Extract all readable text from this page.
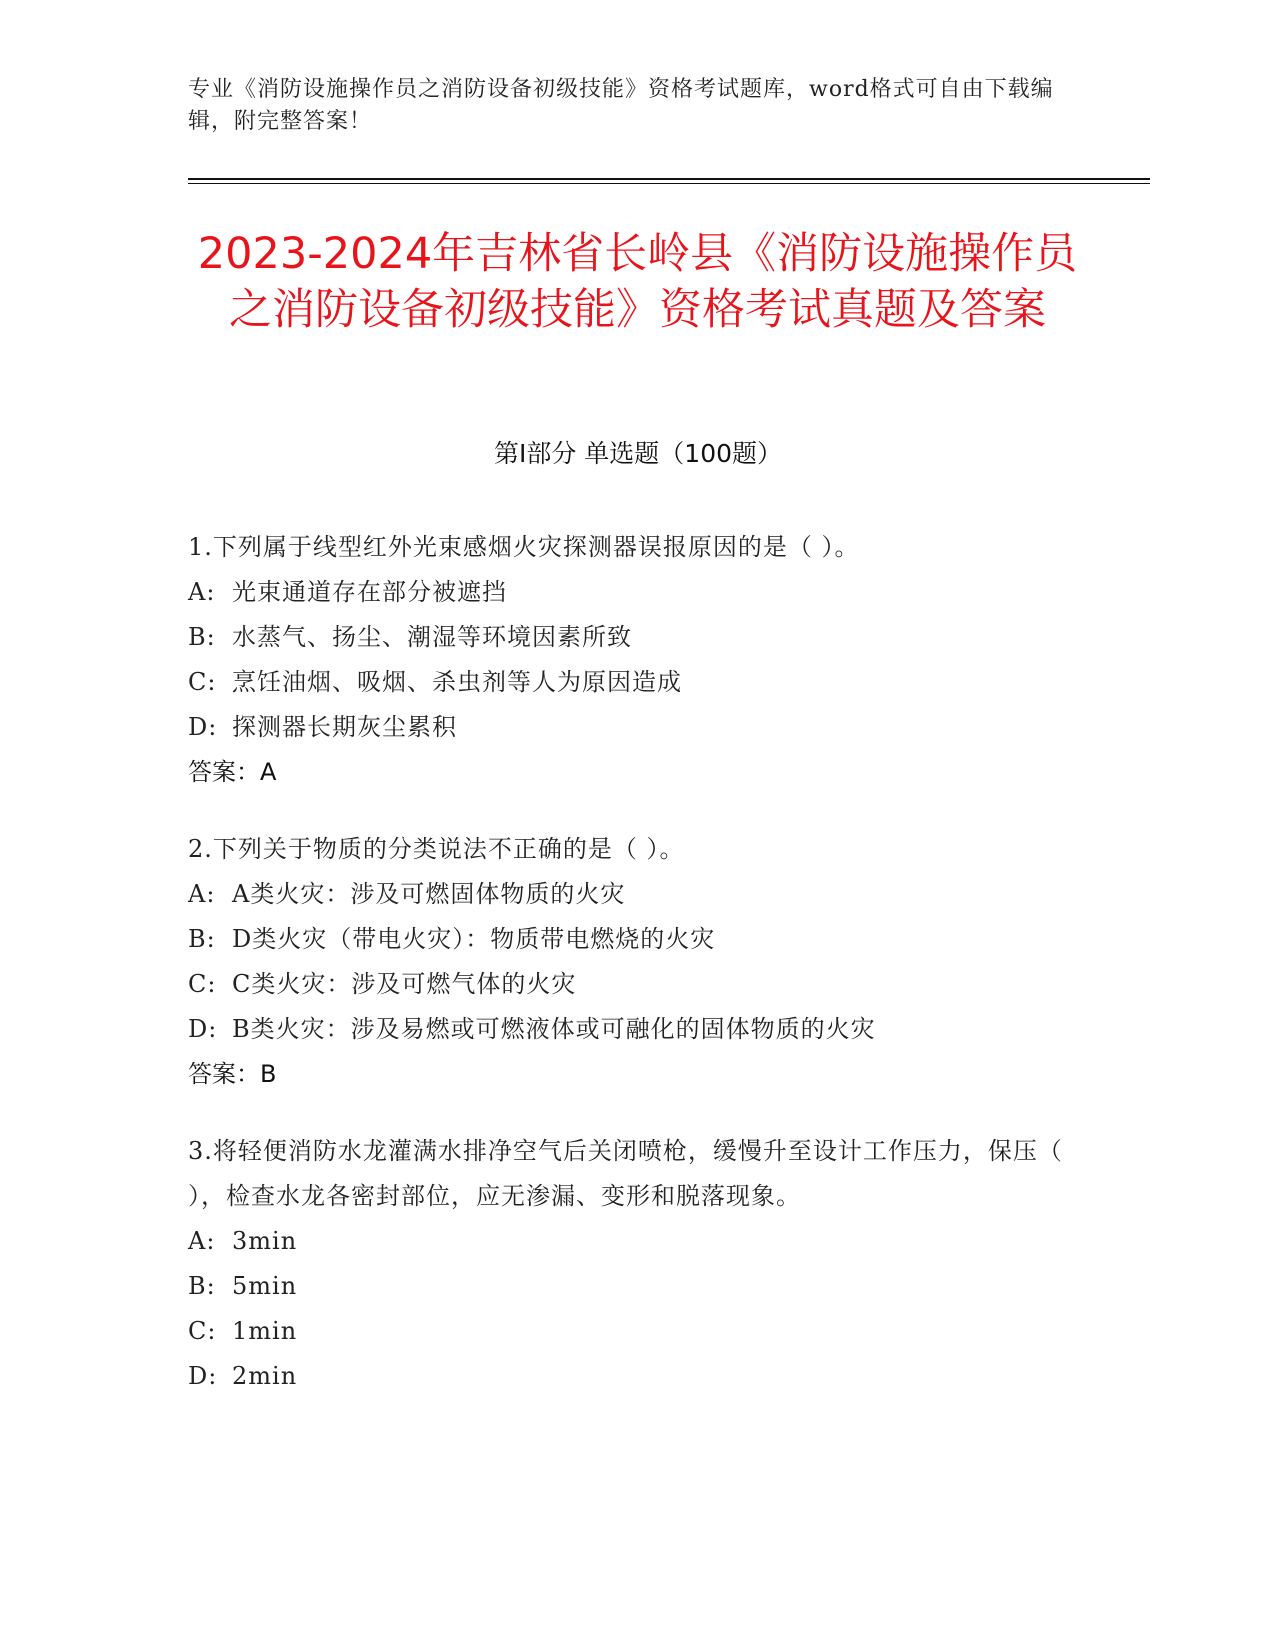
专业《消防设施操作员之消防设备初级技能》资格考试题库，word格式可自由下载编辑，附完整答案！
2023-2024年吉林省长岭县《消防设施操作员之消防设备初级技能》资格考试真题及答案
第Ⅰ部分 单选题（100题）
1.下列属于线型红外光束感烟火灾探测器误报原因的是（ ）。
A: 光束通道存在部分被遮挡
B: 水蒸气、扬尘、潮湿等环境因素所致
C: 烹饪油烟、吸烟、杀虫剂等人为原因造成
D: 探测器长期灰尘累积
答案：A
2.下列关于物质的分类说法不正确的是（ ）。
A: A类火灾：涉及可燃固体物质的火灾
B: D类火灾（带电火灾）：物质带电燃烧的火灾
C: C类火灾：涉及可燃气体的火灾
D: B类火灾：涉及易燃或可燃液体或可融化的固体物质的火灾
答案：B
3.将轻便消防水龙灌满水排净空气后关闭喷枪，缓慢升至设计工作压力，保压（ ），检查水龙各密封部位，应无渗漏、变形和脱落现象。
A: 3min
B: 5min
C: 1min
D: 2min
